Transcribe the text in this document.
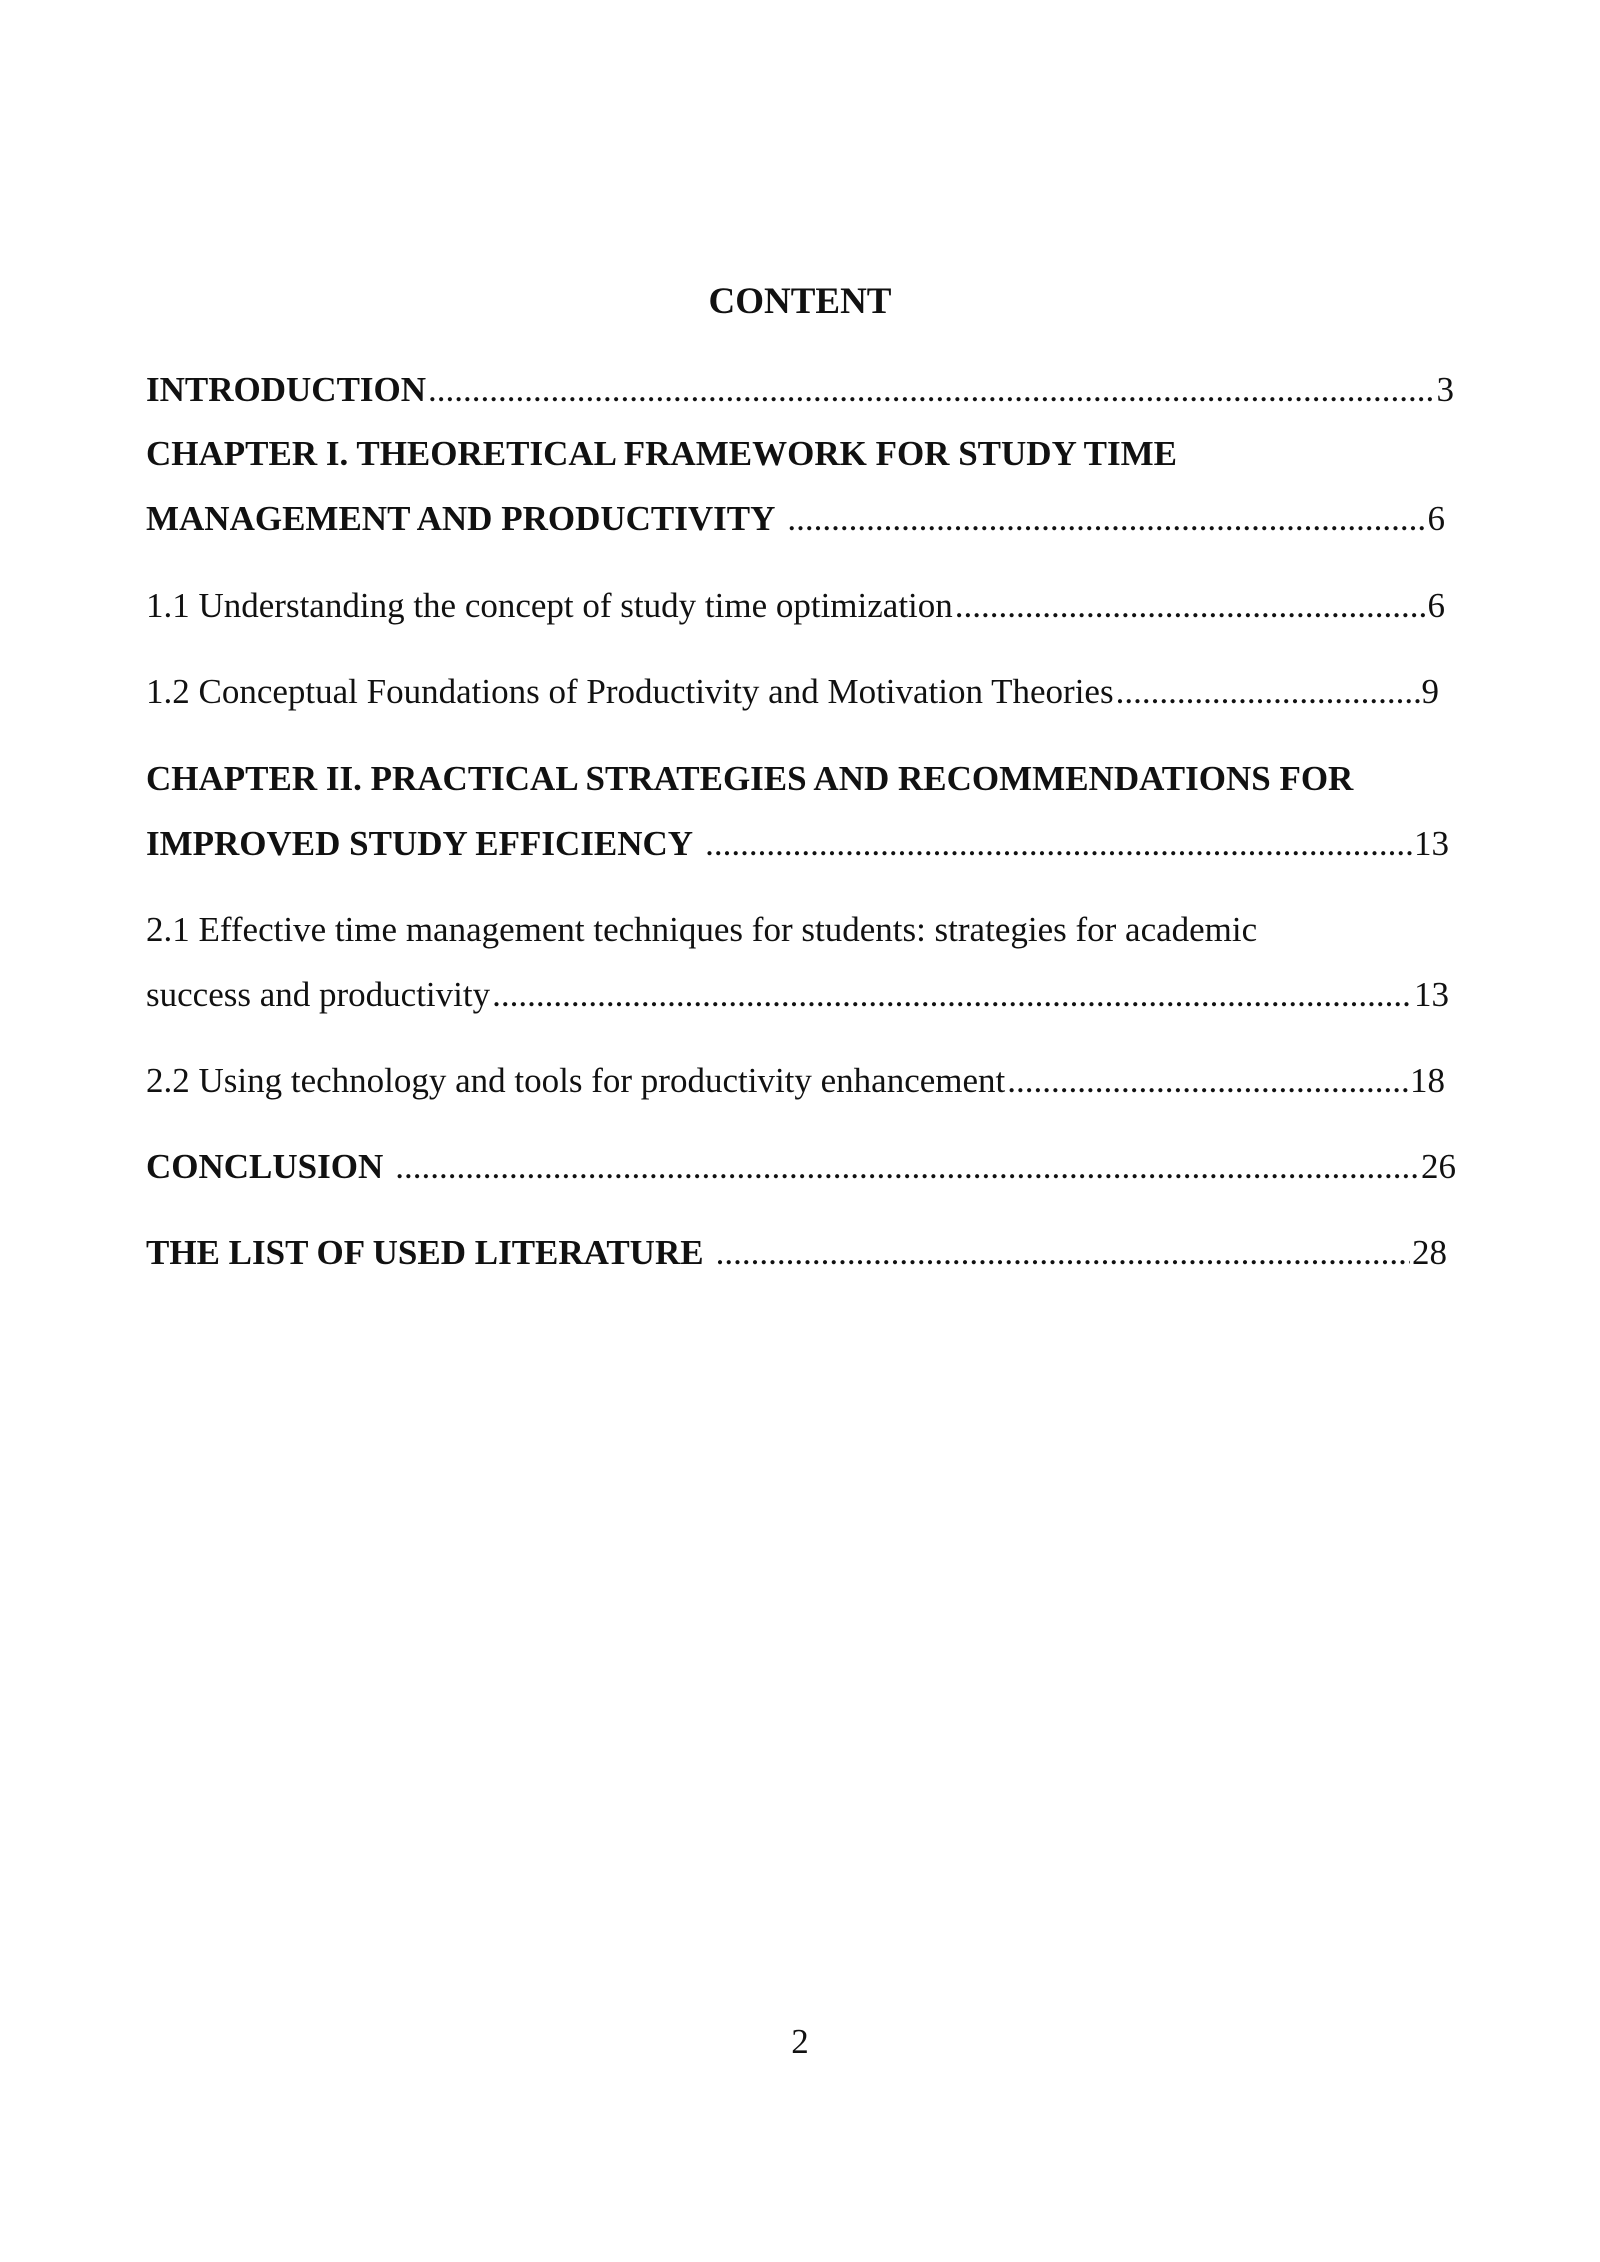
CONTENT
INTRODUCTION .....	3
CHAPTER I. THEORETICAL FRAMEWORK FOR STUDY TIME
MANAGEMENT AND PRODUCTIVITY .....	6
1.1 Understanding the concept of study time optimization .....	6
1.2 Conceptual Foundations of Productivity and Motivation Theories .....	9
CHAPTER II. PRACTICAL STRATEGIES AND RECOMMENDATIONS FOR
IMPROVED STUDY EFFICIENCY .....	13
2.1 Effective time management techniques for students: strategies for academic
success and productivity .....	13
2.2 Using technology and tools for productivity enhancement .....	18
CONCLUSION .....	26
THE LIST OF USED LITERATURE .....	28
2
